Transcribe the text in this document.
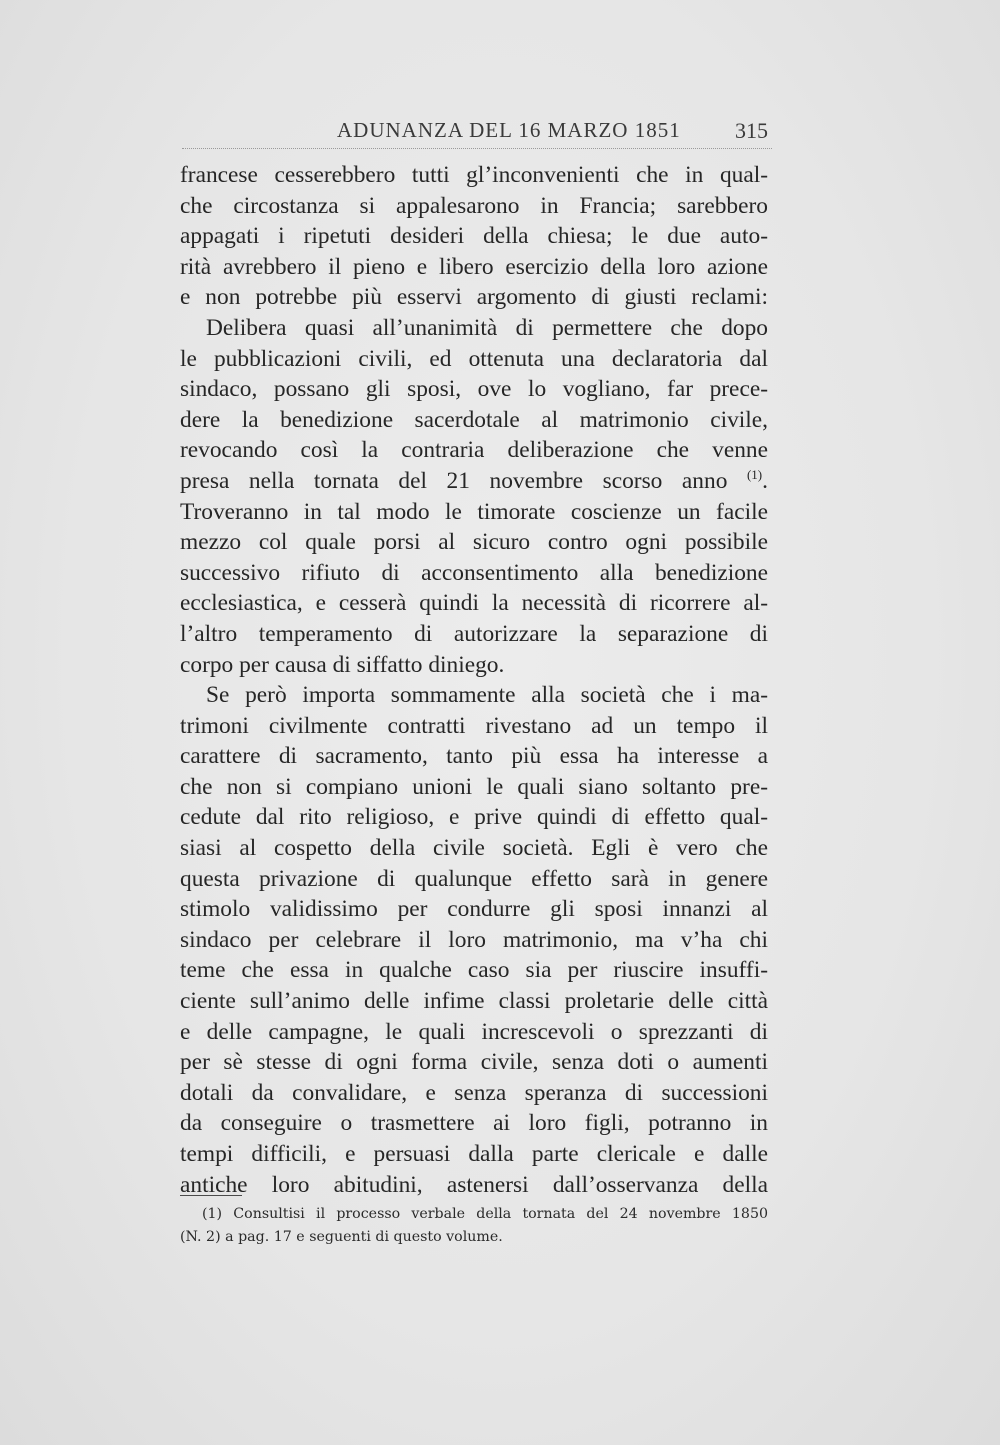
ADUNANZA DEL 16 MARZO 1851 315
francese cesserebbero tutti gl’inconvenienti che in qual-
che circostanza si appalesarono in Francia; sarebbero
appagati i ripetuti desideri della chiesa; le due auto-
rità avrebbero il pieno e libero esercizio della loro azione
e non potrebbe più esservi argomento di giusti reclami:
Delibera quasi all’unanimità di permettere che dopo
le pubblicazioni civili, ed ottenuta una declaratoria dal
sindaco, possano gli sposi, ove lo vogliano, far prece-
dere la benedizione sacerdotale al matrimonio civile,
revocando così la contraria deliberazione che venne
presa nella tornata del 21 novembre scorso anno $^{(1)}$.
Troveranno in tal modo le timorate coscienze un facile
mezzo col quale porsi al sicuro contro ogni possibile
successivo rifiuto di acconsentimento alla benedizione
ecclesiastica, e cesserà quindi la necessità di ricorrere al-
l’altro temperamento di autorizzare la separazione di
corpo per causa di siffatto diniego.
Se però importa sommamente alla società che i ma-
trimoni civilmente contratti rivestano ad un tempo il
carattere di sacramento, tanto più essa ha interesse a
che non si compiano unioni le quali siano soltanto pre-
cedute dal rito religioso, e prive quindi di effetto qual-
siasi al cospetto della civile società. Egli è vero che
questa privazione di qualunque effetto sarà in genere
stimolo validissimo per condurre gli sposi innanzi al
sindaco per celebrare il loro matrimonio, ma v’ha chi
teme che essa in qualche caso sia per riuscire insuffi-
ciente sull’animo delle infime classi proletarie delle città
e delle campagne, le quali increscevoli o sprezzanti di
per sè stesse di ogni forma civile, senza doti o aumenti
dotali da convalidare, e senza speranza di successioni
da conseguire o trasmettere ai loro figli, potranno in
tempi difficili, e persuasi dalla parte clericale e dalle
antiche loro abitudini, astenersi dall’osservanza della
(1) Consultisi il processo verbale della tornata del 24 novembre 1850
(N. 2) a pag. 17 e seguenti di questo volume.
